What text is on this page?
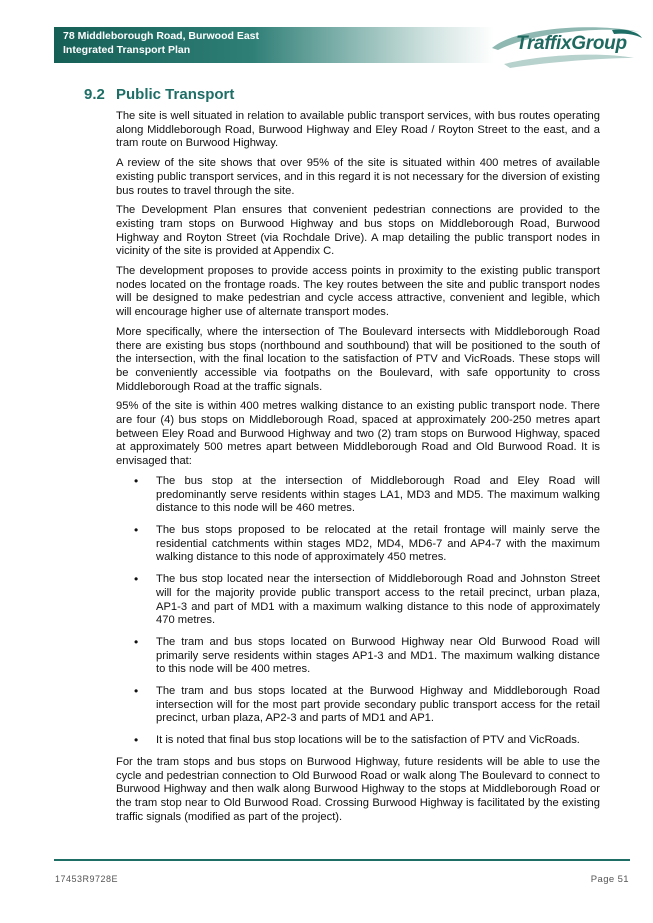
78 Middleborough Road, Burwood East
Integrated Transport Plan	TraffixGroup
9.2 Public Transport

The site is well situated in relation to available public transport services, with bus routes operating along Middleborough Road, Burwood Highway and Eley Road / Royton Street to the east, and a tram route on Burwood Highway.

A review of the site shows that over 95% of the site is situated within 400 metres of available existing public transport services, and in this regard it is not necessary for the diversion of existing bus routes to travel through the site.

The Development Plan ensures that convenient pedestrian connections are provided to the existing tram stops on Burwood Highway and bus stops on Middleborough Road, Burwood Highway and Royton Street (via Rochdale Drive). A map detailing the public transport nodes in vicinity of the site is provided at Appendix C.

The development proposes to provide access points in proximity to the existing public transport nodes located on the frontage roads. The key routes between the site and public transport nodes will be designed to make pedestrian and cycle access attractive, convenient and legible, which will encourage higher use of alternate transport modes.

More specifically, where the intersection of The Boulevard intersects with Middleborough Road there are existing bus stops (northbound and southbound) that will be positioned to the south of the intersection, with the final location to the satisfaction of PTV and VicRoads. These stops will be conveniently accessible via footpaths on the Boulevard, with safe opportunity to cross Middleborough Road at the traffic signals.

95% of the site is within 400 metres walking distance to an existing public transport node. There are four (4) bus stops on Middleborough Road, spaced at approximately 200-250 metres apart between Eley Road and Burwood Highway and two (2) tram stops on Burwood Highway, spaced at approximately 500 metres apart between Middleborough Road and Old Burwood Road. It is envisaged that:

• The bus stop at the intersection of Middleborough Road and Eley Road will predominantly serve residents within stages LA1, MD3 and MD5. The maximum walking distance to this node will be 460 metres.
• The bus stops proposed to be relocated at the retail frontage will mainly serve the residential catchments within stages MD2, MD4, MD6-7 and AP4-7 with the maximum walking distance to this node of approximately 450 metres.
• The bus stop located near the intersection of Middleborough Road and Johnston Street will for the majority provide public transport access to the retail precinct, urban plaza, AP1-3 and part of MD1 with a maximum walking distance to this node of approximately 470 metres.
• The tram and bus stops located on Burwood Highway near Old Burwood Road will primarily serve residents within stages AP1-3 and MD1. The maximum walking distance to this node will be 400 metres.
• The tram and bus stops located at the Burwood Highway and Middleborough Road intersection will for the most part provide secondary public transport access for the retail precinct, urban plaza, AP2-3 and parts of MD1 and AP1.
• It is noted that final bus stop locations will be to the satisfaction of PTV and VicRoads.

For the tram stops and bus stops on Burwood Highway, future residents will be able to use the cycle and pedestrian connection to Old Burwood Road or walk along The Boulevard to connect to Burwood Highway and then walk along Burwood Highway to the stops at Middleborough Road or the tram stop near to Old Burwood Road. Crossing Burwood Highway is facilitated by the existing traffic signals (modified as part of the project).

17453R9728E	Page 51
